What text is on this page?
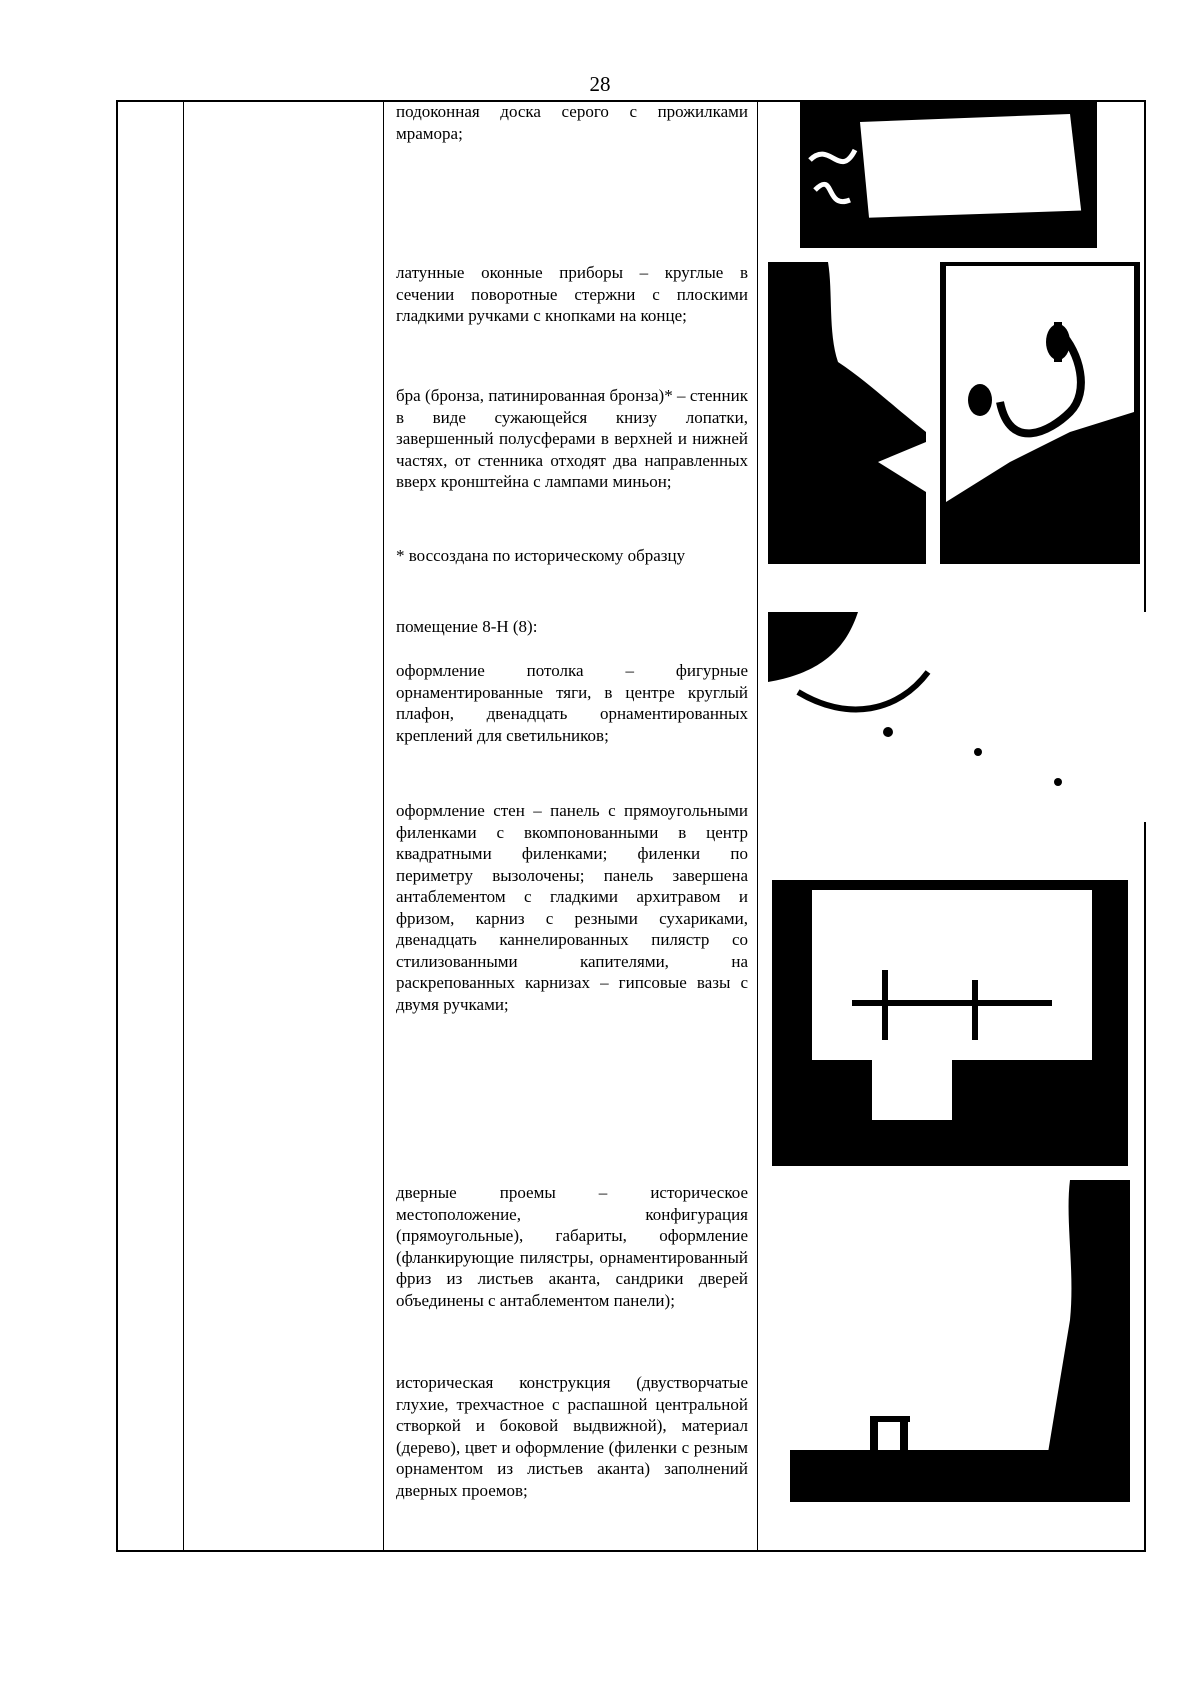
28
подоконная доска серого с прожилками мрамора;
латунные оконные приборы – круглые в сечении поворотные стержни с плоскими гладкими ручками с кнопками на конце;
бра (бронза, патинированная бронза)* – стенник в виде сужающейся книзу лопатки, завершенный полусферами в верхней и нижней частях, от стенника отходят два направленных вверх кронштейна с лампами миньон;
* воссоздана по историческому образцу
помещение 8-Н (8):
оформление потолка – фигурные орнаментированные тяги, в центре круглый плафон, двенадцать орнаментированных креплений для светильников;
оформление стен – панель с прямоугольными филенками с вкомпонованными в центр квадратными филенками; филенки по периметру вызолочены; панель завершена антаблементом с гладкими архитравом и фризом, карниз с резными сухариками, двенадцать каннелированных пилястр со стилизованными капителями, на раскрепованных карнизах – гипсовые вазы с двумя ручками;
дверные проемы – историческое местоположение, конфигурация (прямоугольные), габариты, оформление (фланкирующие пилястры, орнаментированный фриз из листьев аканта, сандрики дверей объединены с антаблементом панели);
историческая конструкция (двустворчатые глухие, трехчастное с распашной центральной створкой и боковой выдвижной), материал (дерево), цвет и оформление (филенки с резным орнаментом из листьев аканта) заполнений дверных проемов;
